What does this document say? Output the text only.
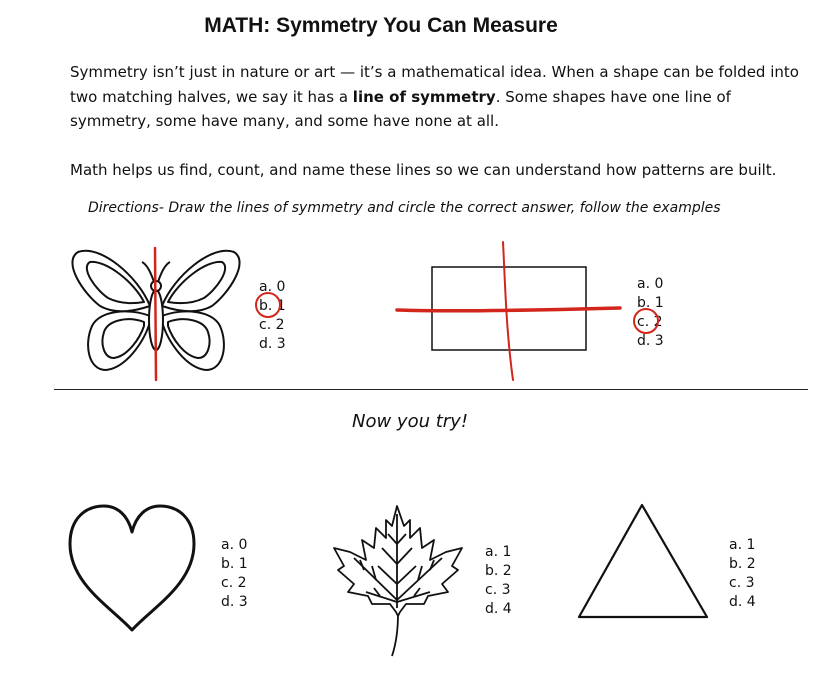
MATH: Symmetry You Can Measure

Symmetry isn’t just in nature or art — it’s a mathematical idea. When a shape can be folded into two matching halves, we say it has a line of symmetry. Some shapes have one line of symmetry, some have many, and some have none at all.

Math helps us find, count, and name these lines so we can understand how patterns are built.

Directions- Draw the lines of symmetry and circle the correct answer, follow the examples
a. 0
b. 1
c. 2
d. 3
a. 0
b. 1
c. 2
d. 3
Now you try!
a. 0
b. 1
c. 2
d. 3
a. 1
b. 2
c. 3
d. 4
a. 1
b. 2
c. 3
d. 4
